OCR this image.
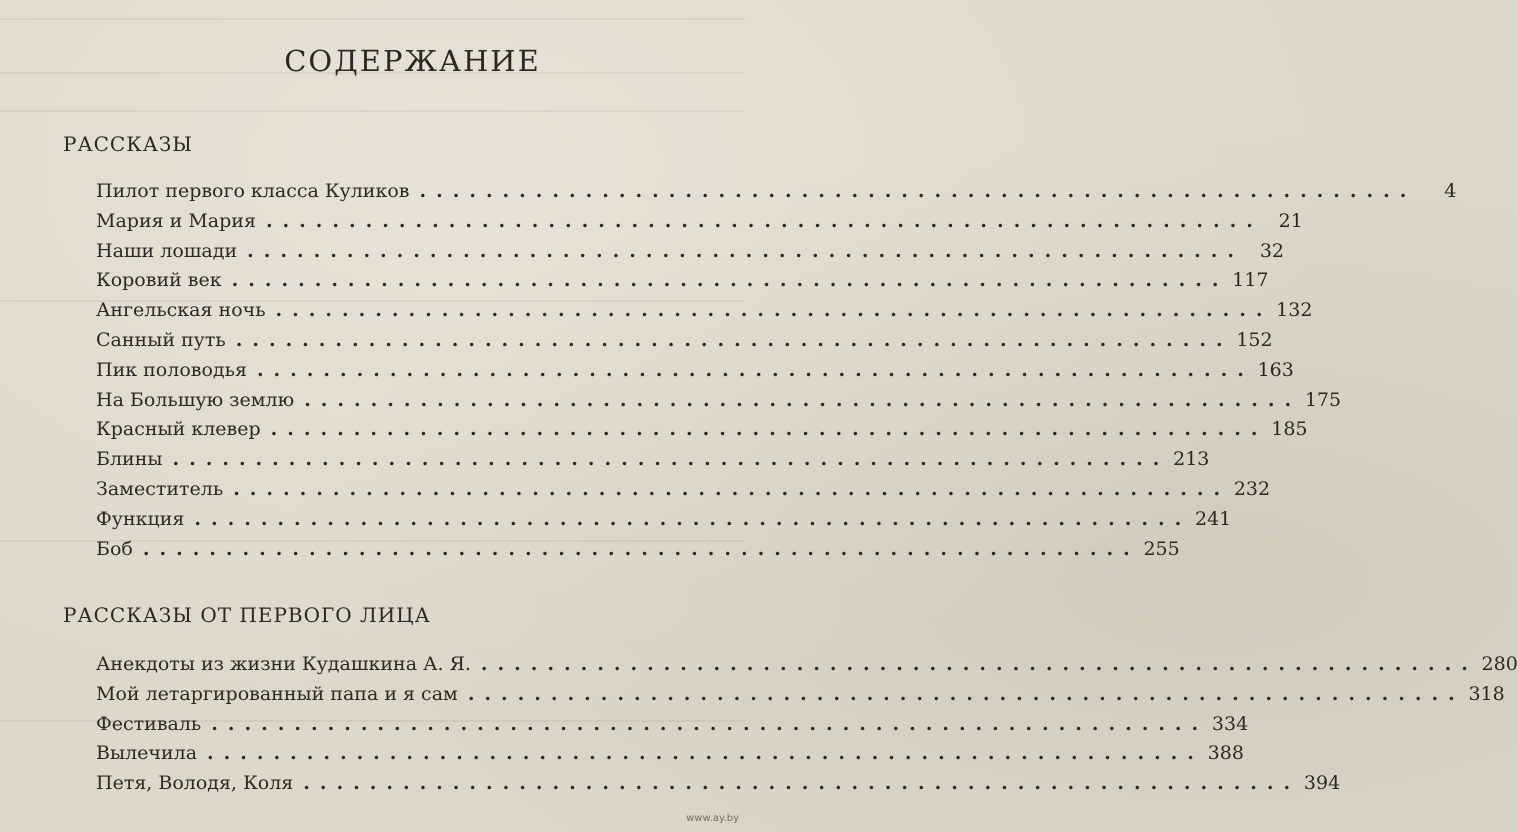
СОДЕРЖАНИЕ
РАССКАЗЫ
Пилот первого класса Куликов ............................................................	4
Мария и Мария ............................................................ 21
Наши лошади ............................................................ 32
Коровий век ............................................................ 117
Ангельская ночь ............................................................ 132
Санный путь ............................................................ 152
Пик половодья ............................................................ 163
На Большую землю ............................................................ 175
Красный клевер ............................................................ 185
Блины ............................................................ 213
Заместитель ............................................................ 232
Функция ............................................................ 241
Боб ............................................................ 255
РАССКАЗЫ ОТ ПЕРВОГО ЛИЦА
Анекдоты из жизни Кудашкина А. Я. ............................................................ 280
Мой летаргированный папа и я сам ............................................................ 318
Фестиваль ............................................................ 334
Вылечила ............................................................ 388
Петя, Володя, Коля ............................................................ 394
www.ay.by
